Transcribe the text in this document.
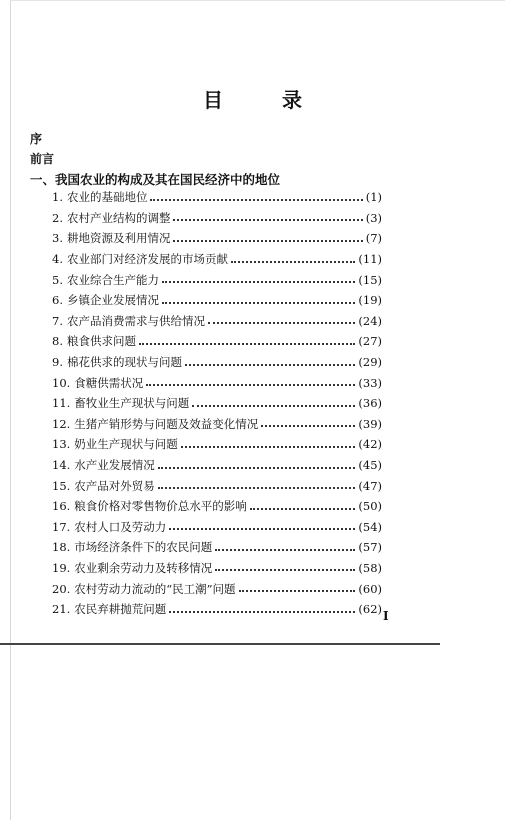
目 录
序
前言
一、我国农业的构成及其在国民经济中的地位
1. 农业的基础地位	(1)
2. 农村产业结构的调整	(3)
3. 耕地资源及利用情况	(7)
4. 农业部门对经济发展的市场贡献	(11)
5. 农业综合生产能力	(15)
6. 乡镇企业发展情况	(19)
7. 农产品消费需求与供给情况	(24)
8. 粮食供求问题	(27)
9. 棉花供求的现状与问题	(29)
10. 食糖供需状况	(33)
11. 畜牧业生产现状与问题	(36)
12. 生猪产销形势与问题及效益变化情况	(39)
13. 奶业生产现状与问题	(42)
14. 水产业发展情况	(45)
15. 农产品对外贸易	(47)
16. 粮食价格对零售物价总水平的影响	(50)
17. 农村人口及劳动力	(54)
18. 市场经济条件下的农民问题	(57)
19. 农业剩余劳动力及转移情况	(58)
20. 农村劳动力流动的“民工潮”问题	(60)
21. 农民弃耕抛荒问题	(62) I
